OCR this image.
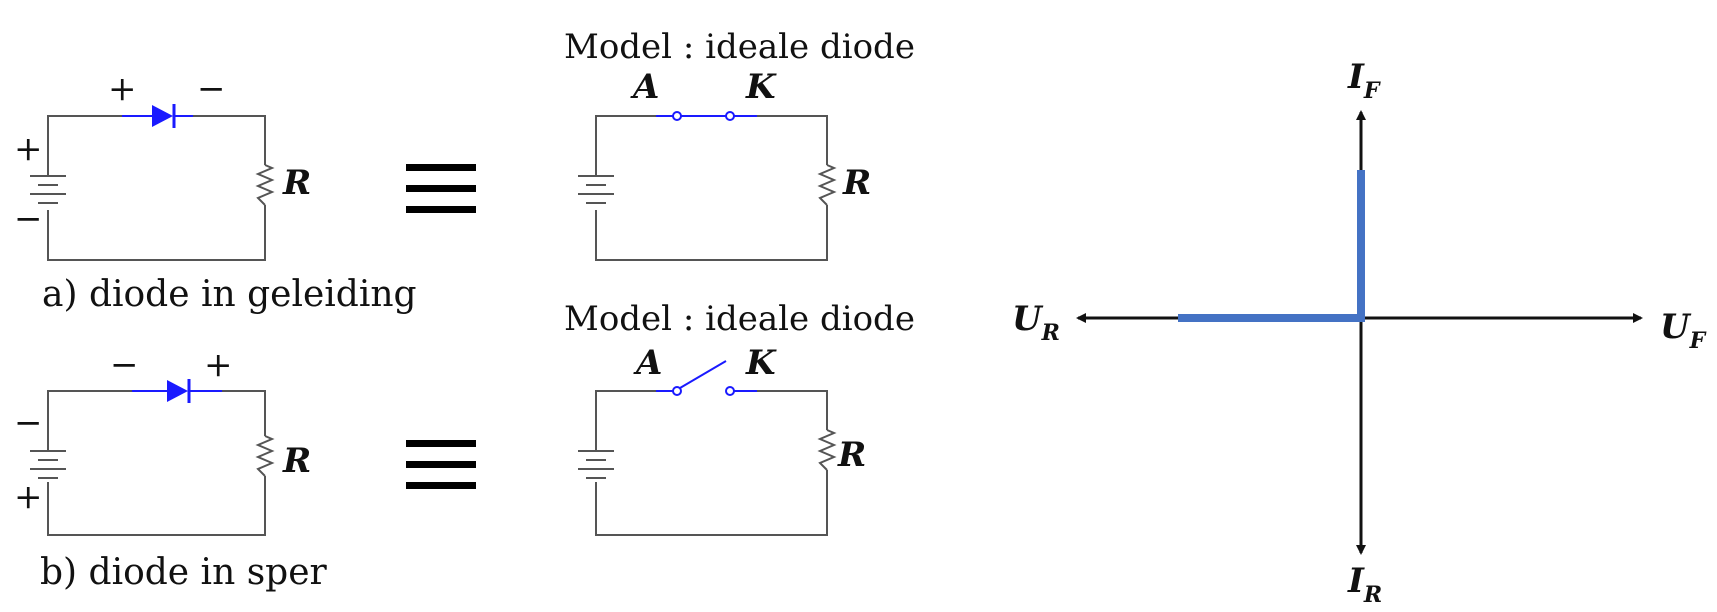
+ −
+
−
R
a) diode in geleiding
− +
−
+
R
b) diode in sper
Model : ideale diode
A	K
R
Model : ideale diode
A K
R
$U_F$
$U_R$
$I_F$
$I_R$
